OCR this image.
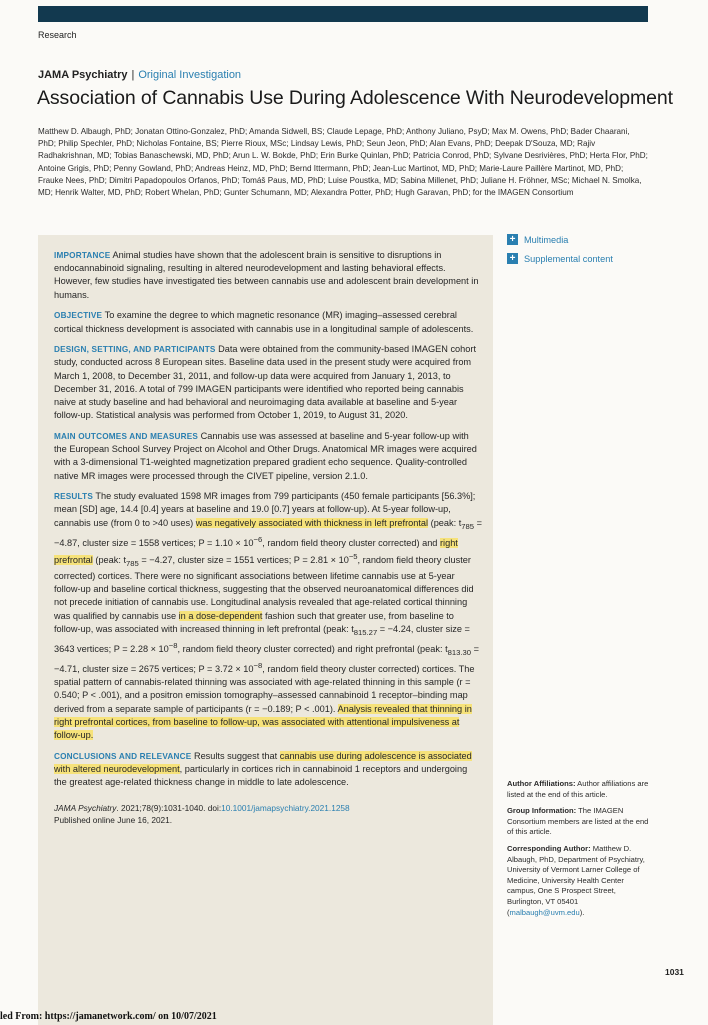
Research
JAMA Psychiatry | Original Investigation
Association of Cannabis Use During Adolescence With Neurodevelopment
Matthew D. Albaugh, PhD; Jonatan Ottino-Gonzalez, PhD; Amanda Sidwell, BS; Claude Lepage, PhD; Anthony Juliano, PsyD; Max M. Owens, PhD; Bader Chaarani, PhD; Philip Spechler, PhD; Nicholas Fontaine, BS; Pierre Rioux, MSc; Lindsay Lewis, PhD; Seun Jeon, PhD; Alan Evans, PhD; Deepak D'Souza, MD; Rajiv Radhakrishnan, MD; Tobias Banaschewski, MD, PhD; Arun L. W. Bokde, PhD; Erin Burke Quinlan, PhD; Patricia Conrod, PhD; Sylvane Desrivières, PhD; Herta Flor, PhD; Antoine Grigis, PhD; Penny Gowland, PhD; Andreas Heinz, MD, PhD; Bernd Ittermann, PhD; Jean-Luc Martinot, MD, PhD; Marie-Laure Paillère Martinot, MD, PhD; Frauke Nees, PhD; Dimitri Papadopoulos Orfanos, PhD; Tomáš Paus, MD, PhD; Luise Poustka, MD; Sabina Millenet, PhD; Juliane H. Fröhner, MSc; Michael N. Smolka, MD; Henrik Walter, MD, PhD; Robert Whelan, PhD; Gunter Schumann, MD; Alexandra Potter, PhD; Hugh Garavan, PhD; for the IMAGEN Consortium

IMPORTANCE Animal studies have shown that the adolescent brain is sensitive to disruptions in endocannabinoid signaling, resulting in altered neurodevelopment and lasting behavioral effects. However, few studies have investigated ties between cannabis use and adolescent brain development in humans.

OBJECTIVE To examine the degree to which magnetic resonance (MR) imaging–assessed cerebral cortical thickness development is associated with cannabis use in a longitudinal sample of adolescents.

DESIGN, SETTING, AND PARTICIPANTS Data were obtained from the community-based IMAGEN cohort study, conducted across 8 European sites. Baseline data used in the present study were acquired from March 1, 2008, to December 31, 2011, and follow-up data were acquired from January 1, 2013, to December 31, 2016. A total of 799 IMAGEN participants were identified who reported being cannabis naive at study baseline and had behavioral and neuroimaging data available at baseline and 5-year follow-up. Statistical analysis was performed from October 1, 2019, to August 31, 2020.

MAIN OUTCOMES AND MEASURES Cannabis use was assessed at baseline and 5-year follow-up with the European School Survey Project on Alcohol and Other Drugs. Anatomical MR images were acquired with a 3-dimensional T1-weighted magnetization prepared gradient echo sequence. Quality-controlled native MR images were processed through the CIVET pipeline, version 2.1.0.

RESULTS The study evaluated 1598 MR images from 799 participants (450 female participants [56.3%]; mean [SD] age, 14.4 [0.4] years at baseline and 19.0 [0.7] years at follow-up). At 5-year follow-up, cannabis use (from 0 to >40 uses) was negatively associated with thickness in left prefrontal (peak: $t_{785} = -4.87$, cluster size = 1558 vertices; $P = 1.10 \times 10^{-6}$, random field theory cluster corrected) and right prefrontal (peak: $t_{785} = -4.27$, cluster size = 1551 vertices; $P = 2.81 \times 10^{-5}$, random field theory cluster corrected) cortices. There were no significant associations between lifetime cannabis use at 5-year follow-up and baseline cortical thickness, suggesting that the observed neuroanatomical differences did not precede initiation of cannabis use. Longitudinal analysis revealed that age-related cortical thinning was qualified by cannabis use in a dose-dependent fashion such that greater use, from baseline to follow-up, was associated with increased thinning in left prefrontal (peak: $t_{815.27} = -4.24$, cluster size = 3643 vertices; $P = 2.28 \times 10^{-8}$, random field theory cluster corrected) and right prefrontal (peak: $t_{813.30} = -4.71$, cluster size = 2675 vertices; $P = 3.72 \times 10^{-8}$, random field theory cluster corrected) cortices. The spatial pattern of cannabis-related thinning was associated with age-related thinning in this sample (r = 0.540; P < .001), and a positron emission tomography–assessed cannabinoid 1 receptor–binding map derived from a separate sample of participants (r = −0.189; P < .001). Analysis revealed that thinning in right prefrontal cortices, from baseline to follow-up, was associated with attentional impulsiveness at follow-up.

CONCLUSIONS AND RELEVANCE Results suggest that cannabis use during adolescence is associated with altered neurodevelopment, particularly in cortices rich in cannabinoid 1 receptors and undergoing the greatest age-related thickness change in middle to late adolescence.

JAMA Psychiatry. 2021;78(9):1031-1040. doi:10.1001/jamapsychiatry.2021.1258
Published online June 16, 2021.

+ Multimedia
+ Supplemental content

Author Affiliations: Author affiliations are listed at the end of this article.

Group Information: The IMAGEN Consortium members are listed at the end of this article.

Corresponding Author: Matthew D. Albaugh, PhD, Department of Psychiatry, University of Vermont Larner College of Medicine, University Health Center campus, One S Prospect Street, Burlington, VT 05401 (malbaugh@uvm.edu).

1031
led From: https://jamanetwork.com/ on 10/07/2021
